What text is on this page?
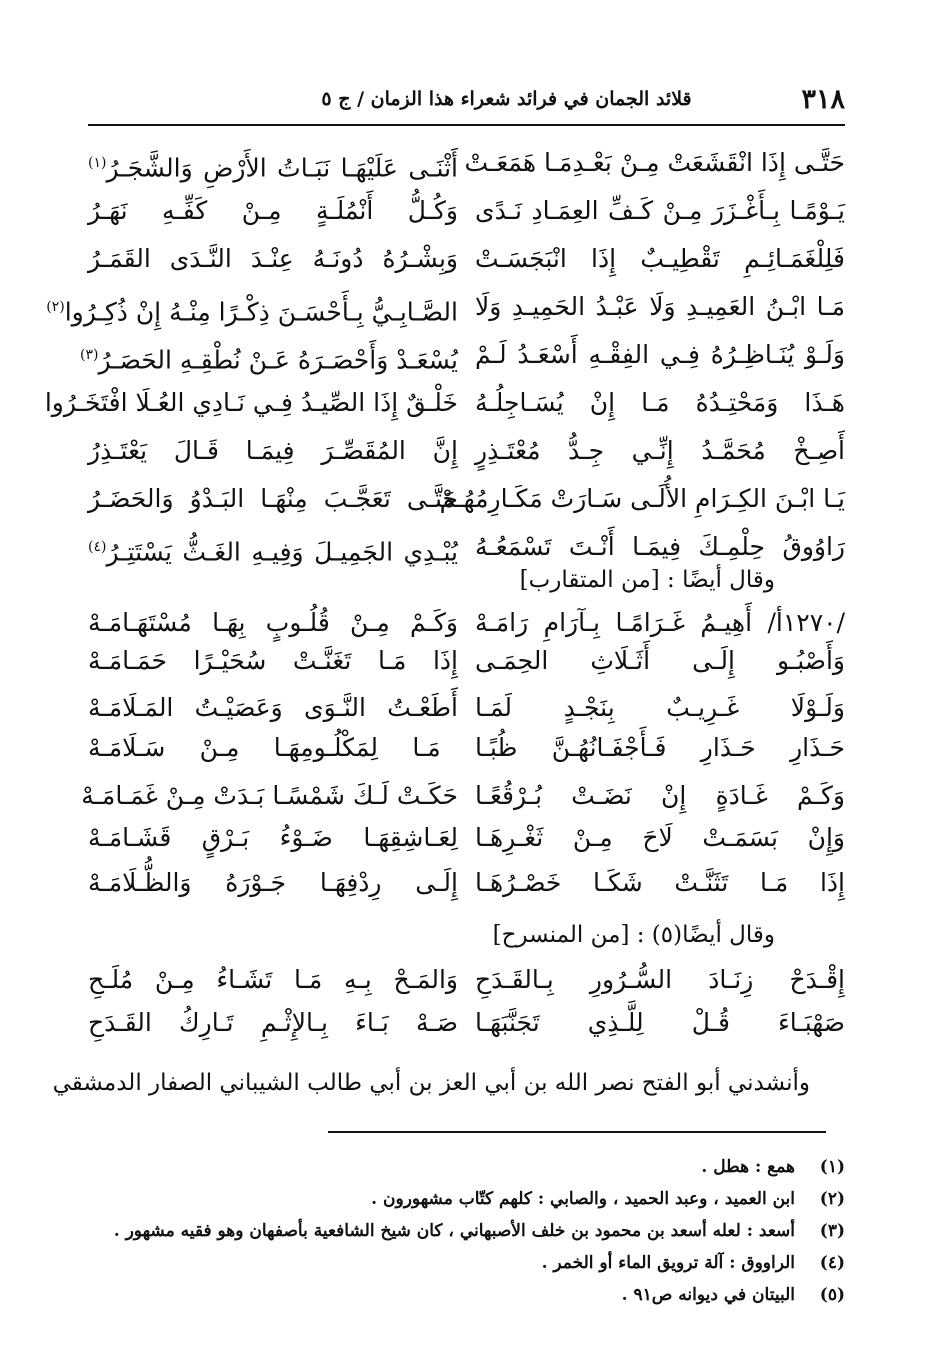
٣١٨
قلائد الجمان في فرائد شعراء هذا الزمان / ج ٥
حَتَّـى إِذَا انْقَشَعَتْ مِـنْ بَعْـدِمَـا هَمَعَـتْ
أَثْنَـى عَلَيْهَـا نَبَـاتُ الأَرْضِ وَالشَّجَـرُ$^{(١)}$
يَـوْمًـا بِـأَغْـزَرَ مِـنْ كَـفِّ العِمَـادِ نَـدًى
وَكُـلُّ أَنْمُلَـةٍ مِـنْ كَفِّـهِ نَهَـرُ
فَلِلْغَمَـائِـمِ تَقْطِيـبٌ إِذَا انْبَجَسَـتْ
وَبِشْـرُهُ دُونَـهُ عِنْـدَ النَّـدَى القَمَـرُ
مَـا ابْـنُ العَمِيـدِ وَلَا عَبْـدُ الحَمِيـدِ وَلَا
الصَّـابِـيُّ بِـأَحْسَـنَ ذِكْـرًا مِنْـهُ إِنْ ذُكِـرُوا$^{(٢)}$
وَلَـوْ يُنَـاظِـرُهُ فِـي الفِقْـهِ أَسْعَـدُ لَـمْ
يُسْعَـدْ وَأَحْصَـرَهُ عَـنْ نُطْقِـهِ الحَصَـرُ$^{(٣)}$
هَـذَا وَمَحْتِـدُهُ مَـا إِنْ يُسَـاجِلُـهُ
خَلْـقٌ إِذَا الصِّيـدُ فِـي نَـادِي العُـلَا افْتَخَـرُوا
أَصِـخْ مُحَمَّـدُ إِنِّـي جِـدُّ مُعْتَـذِرٍ
إِنَّ المُقَصِّـرَ فِيمَـا قَـالَ يَعْتَـذِرُ
يَـا ابْـنَ الكِـرَامِ الأُلَـى سَـارَتْ مَكَـارِمُهُـمْ
حَتَّـى تَعَجَّـبَ مِنْهَـا البَـدْوُ وَالحَضَـرُ
رَاوُوقُ حِلْمِـكَ فِيمَـا أَنْـتَ تَسْمَعُـهُ
يُبْـدِي الجَمِيـلَ وَفِيـهِ الغَـثُّ يَسْتَتِـرُ$^{(٤)}$
وقال أيضًا : [من المتقارب]
/١٢٧٠أ/ أَهِيـمُ غَـرَامًـا بِـآرَامِ رَامَـهْ
وَكَـمْ مِـنْ قُلُـوبٍ بِهَـا مُسْتَهَـامَـهْ
وَأَصْبُـو إِلَـى أَثَـلَاثِ الحِمَـى
إِذَا مَـا تَغَنَّـتْ سُحَيْـرًا حَمَـامَـهْ
وَلَـوْلَا غَـرِيـبٌ بِنَجْـدٍ لَمَـا
أَطَعْـتُ النَّـوَى وَعَصَيْـتُ المَـلَامَـهْ
حَـذَارِ حَـذَارِ فَـأَجْفَـانُهُـنَّ ظُبًـا مَـا لِمَكْلُـومِهَـا مِـنْ سَـلَامَـهْ
وَكَـمْ غَـادَةٍ إِنْ نَضَـتْ بُـرْقُعًـا
حَكَـتْ لَـكَ شَمْسًـا بَـدَتْ مِـنْ غَمَـامَـهْ
وَإِنْ بَسَمَـتْ لَاحَ مِـنْ ثَغْـرِهَـا
لِعَـاشِقِهَـا ضَـوْءُ بَـرْقٍ قَشَـامَـهْ
إِذَا مَـا تَثَنَّـتْ شَكَـا خَصْـرُهَـا
إِلَـى رِدْفِهَـا جَـوْرَهُ وَالظُّـلَامَـهْ
وقال أيضًا(٥) : [من المنسرح]
إِقْـدَحْ زِنَـادَ السُّـرُورِ بِـالقَـدَحِ
وَالمَـحْ بِـهِ مَـا تَشَـاءُ مِـنْ مُلَـحِ
صَهْبَـاءَ قُـلْ لِلَّـذِي تَجَنَّبَهَـا
صَـهْ بَـاءَ بِـالإِثْـمِ تَـارِكُ القَـدَحِ
وأنشدني أبو الفتح نصر الله بن أبي العز بن أبي طالب الشيباني الصفار الدمشقي
(١)همع : هطل .
(٢)ابن العميد ، وعبد الحميد ، والصابي : كلهم كتّاب مشهورون .
(٣)أسعد : لعله أسعد بن محمود بن خلف الأصبهاني ، كان شيخ الشافعية بأصفهان وهو فقيه مشهور .
(٤)الراووق : آلة ترويق الماء أو الخمر .
(٥)البيتان في ديوانه ص٩١ .
